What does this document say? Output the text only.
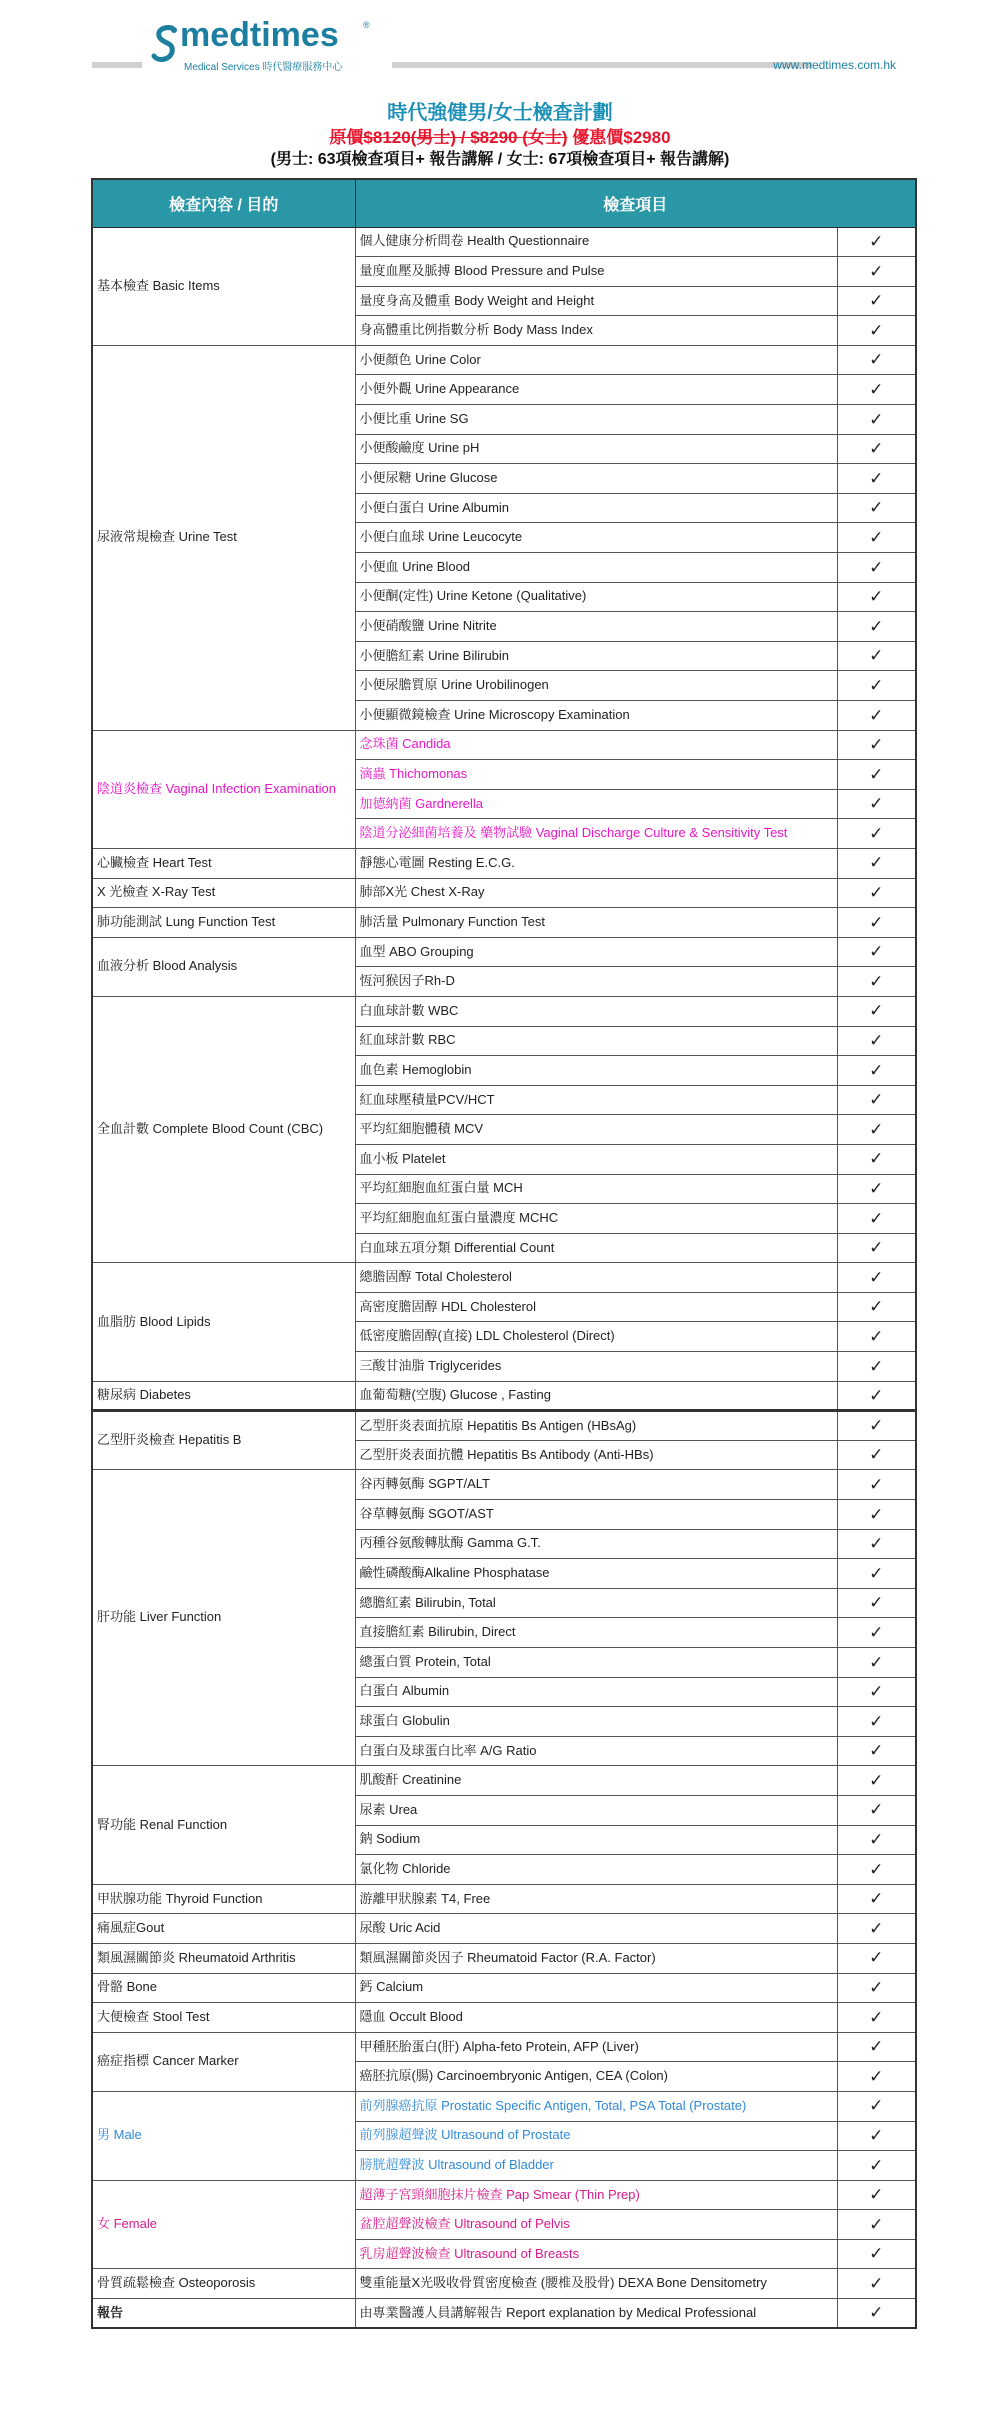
medtimes	®
Medical Services 時代醫療服務中心	www.medtimes.com.hk
時代強健男/女士檢查計劃
原價$8120(男士) / $8290 (女士) 優惠價$2980
(男士: 63項檢查項目+ 報告講解 / 女士: 67項檢查項目+ 報告講解)
檢查內容 / 目的	檢查項目	
基本檢查 Basic Items	個人健康分析問卷 Health Questionnaire	✓
	量度血壓及脈搏 Blood Pressure and Pulse	✓
	量度身高及體重 Body Weight and Height	✓
	身高體重比例指數分析 Body Mass Index	✓
尿液常規檢查 Urine Test	小便顏色 Urine Color	✓
	小便外觀 Urine Appearance	✓
	小便比重 Urine SG	✓
	小便酸鹼度 Urine pH	✓
	小便尿糖 Urine Glucose	✓
	小便白蛋白 Urine Albumin	✓
	小便白血球 Urine Leucocyte	✓
	小便血 Urine Blood	✓
	小便酮(定性) Urine Ketone (Qualitative)	✓
	小便硝酸鹽 Urine Nitrite	✓
	小便膽紅素 Urine Bilirubin	✓
	小便尿膽質原 Urine Urobilinogen	✓
	小便顯微鏡檢查 Urine Microscopy Examination	✓
陰道炎檢查 Vaginal Infection Examination	念珠菌 Candida	✓
	滴蟲 Thichomonas	✓
	加德納菌 Gardnerella	✓
	陰道分泌細菌培養及 藥物試驗 Vaginal Discharge Culture & Sensitivity Test	✓
心臟檢查 Heart Test	靜態心電圖 Resting E.C.G.	✓
X 光檢查 X-Ray Test	肺部X光 Chest X-Ray	✓
肺功能測試 Lung Function Test	肺活量 Pulmonary Function Test	✓
血液分析 Blood Analysis	血型 ABO Grouping	✓
	恆河猴因子Rh-D	✓
全血計數 Complete Blood Count (CBC)	白血球計數 WBC	✓
	紅血球計數 RBC	✓
	血色素 Hemoglobin	✓
	紅血球壓積量PCV/HCT	✓
	平均紅細胞體積 MCV	✓
	血小板 Platelet	✓
	平均紅細胞血紅蛋白量 MCH	✓
	平均紅細胞血紅蛋白量濃度 MCHC	✓
	白血球五項分類 Differential Count	✓
血脂肪 Blood Lipids	總膽固醇 Total Cholesterol	✓
	高密度膽固醇 HDL Cholesterol	✓
	低密度膽固醇(直接) LDL Cholesterol (Direct)	✓
	三酸甘油脂 Triglycerides	✓
糖尿病 Diabetes	血葡萄糖(空腹) Glucose , Fasting	✓
乙型肝炎檢查 Hepatitis B	乙型肝炎表面抗原 Hepatitis Bs Antigen (HBsAg)	✓
	乙型肝炎表面抗體 Hepatitis Bs Antibody (Anti-HBs)	✓
肝功能 Liver Function	谷丙轉氨酶 SGPT/ALT	✓
	谷草轉氨酶 SGOT/AST	✓
	丙種谷氨酸轉肽酶 Gamma G.T.	✓
	鹼性磷酸酶Alkaline Phosphatase	✓
	總膽紅素 Bilirubin, Total	✓
	直接膽紅素 Bilirubin, Direct	✓
	總蛋白質 Protein, Total	✓
	白蛋白 Albumin	✓
	球蛋白 Globulin	✓
	白蛋白及球蛋白比率 A/G Ratio	✓
腎功能 Renal Function	肌酸酐 Creatinine	✓
	尿素 Urea	✓
	鈉 Sodium	✓
	氯化物 Chloride	✓
甲狀腺功能 Thyroid Function	游離甲狀腺素 T4, Free	✓
痛風症Gout	尿酸 Uric Acid	✓
類風濕關節炎 Rheumatoid Arthritis	類風濕關節炎因子 Rheumatoid Factor (R.A. Factor)	✓
骨骼 Bone	鈣 Calcium	✓
大便檢查 Stool Test	隱血 Occult Blood	✓
癌症指標 Cancer Marker	甲種胚胎蛋白(肝) Alpha-feto Protein, AFP (Liver)	✓
	癌胚抗原(腸) Carcinoembryonic Antigen, CEA (Colon)	✓
男 Male	前列腺癌抗原 Prostatic Specific Antigen, Total, PSA Total (Prostate)	✓
	前列腺超聲波 Ultrasound of Prostate	✓
	膀胱超聲波 Ultrasound of Bladder	✓
女 Female	超薄子宮頸細胞抹片檢查 Pap Smear (Thin Prep)	✓
	盆腔超聲波檢查 Ultrasound of Pelvis	✓
	乳房超聲波檢查 Ultrasound of Breasts	✓
骨質疏鬆檢查 Osteoporosis	雙重能量X光吸收骨質密度檢查 (腰椎及股骨) DEXA Bone Densitometry	✓
報告	由專業醫護人員講解報告 Report explanation by Medical Professional	✓
